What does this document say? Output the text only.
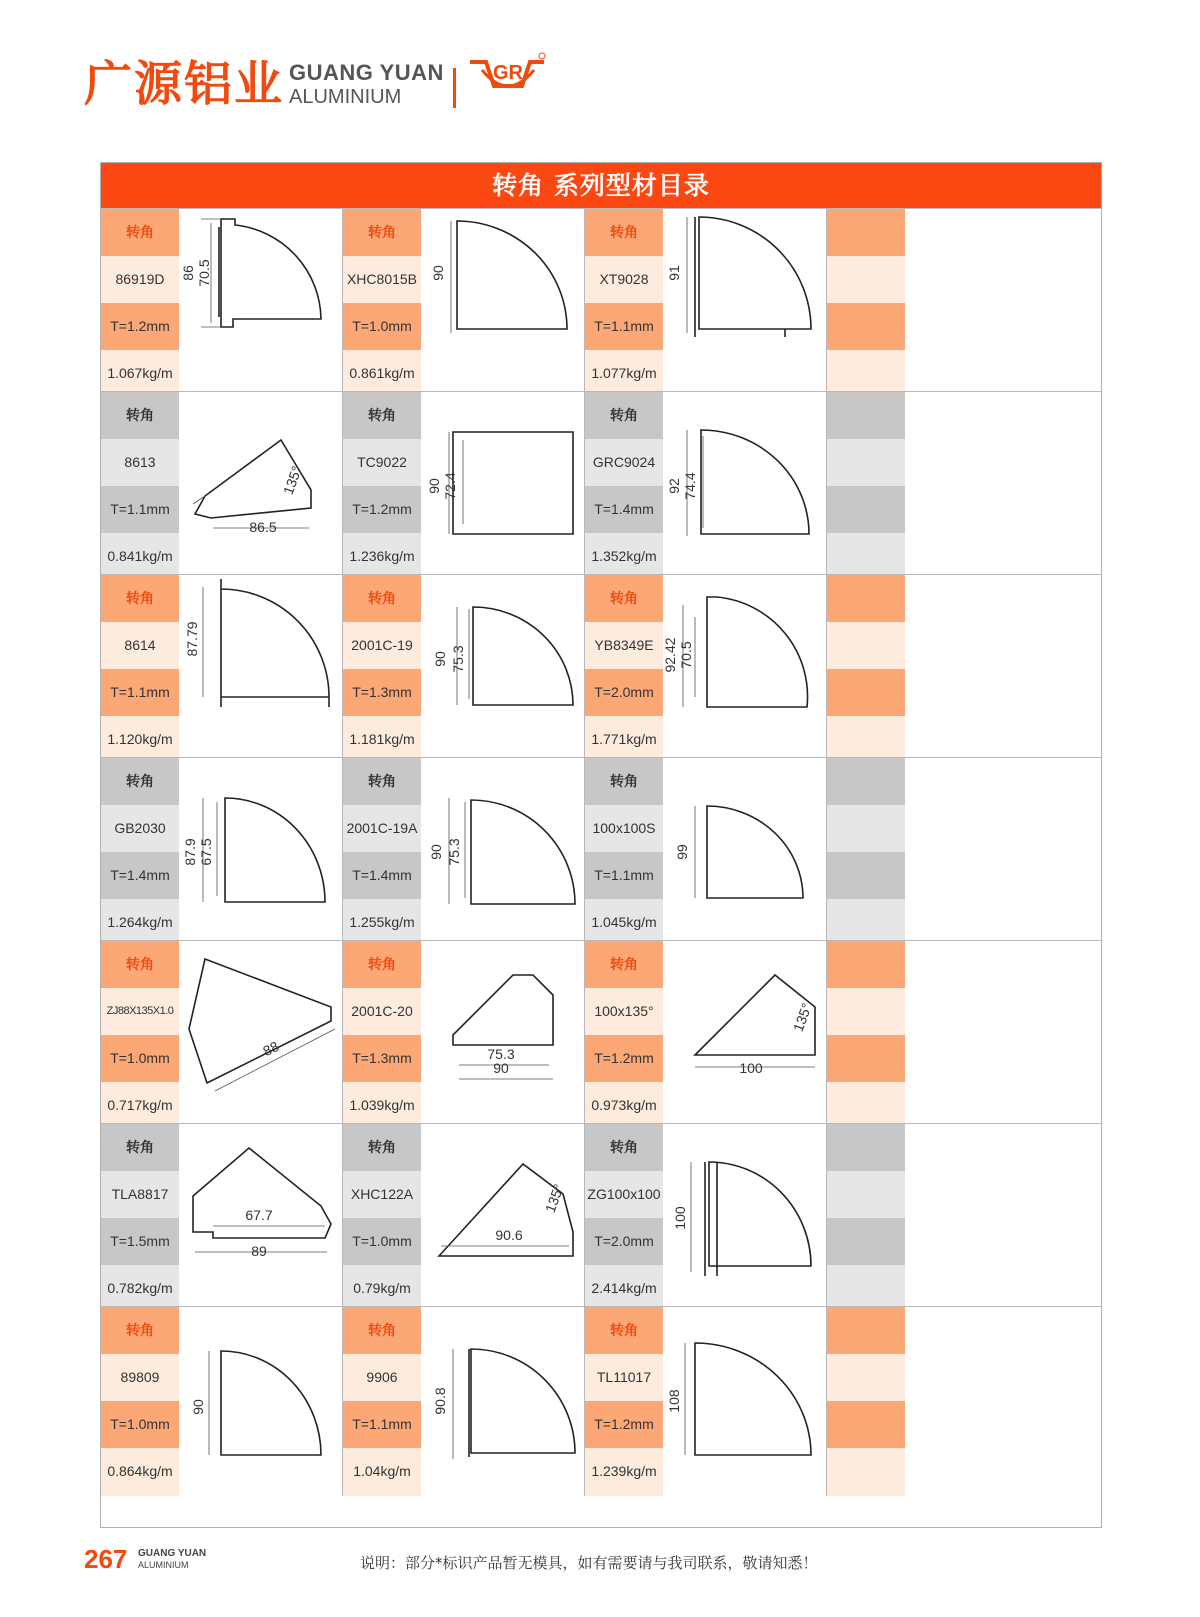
广源铝业 GUANG YUAN
ALUMINIUM
GR
转角 系列型材目录
转角
86919D
T=1.2mm
1.067kg/m
86 70.5
转角
XHC8015B
T=1.0mm
0.861kg/m
90
转角
XT9028
T=1.1mm
1.077kg/m
91
转角
8613
T=1.1mm
0.841kg/m
86.5
135°
转角
TC9022
T=1.2mm
1.236kg/m
90 72.4
转角
GRC9024
T=1.4mm
1.352kg/m
92 74.4
转角
8614
T=1.1mm
1.120kg/m
87.79
转角
2001C-19
T=1.3mm
1.181kg/m
90 75.3
转角
YB8349E
T=2.0mm
1.771kg/m
92.42 70.5
转角
GB2030
T=1.4mm
1.264kg/m
87.9 67.5
转角
2001C-19A
T=1.4mm
1.255kg/m
90 75.3
转角
100x100S
T=1.1mm
1.045kg/m
99
转角
ZJ88X135X1.0
T=1.0mm
0.717kg/m
88
转角
2001C-20
T=1.3mm
1.039kg/m
75.3
90
转角
100x135°
T=1.2mm
0.973kg/m
100
135°
转角
TLA8817
T=1.5mm
0.782kg/m
67.7
89
转角
XHC122A
T=1.0mm
0.79kg/m
90.6
135°
转角
ZG100x100
T=2.0mm
2.414kg/m
100
转角
89809
T=1.0mm
0.864kg/m
90
转角
9906
T=1.1mm
1.04kg/m
90.8
转角
TL11017
T=1.2mm
1.239kg/m
108
267 GUANG YUAN
ALUMINIUM	说明：部分*标识产品暂无模具，如有需要请与我司联系，敬请知悉！
